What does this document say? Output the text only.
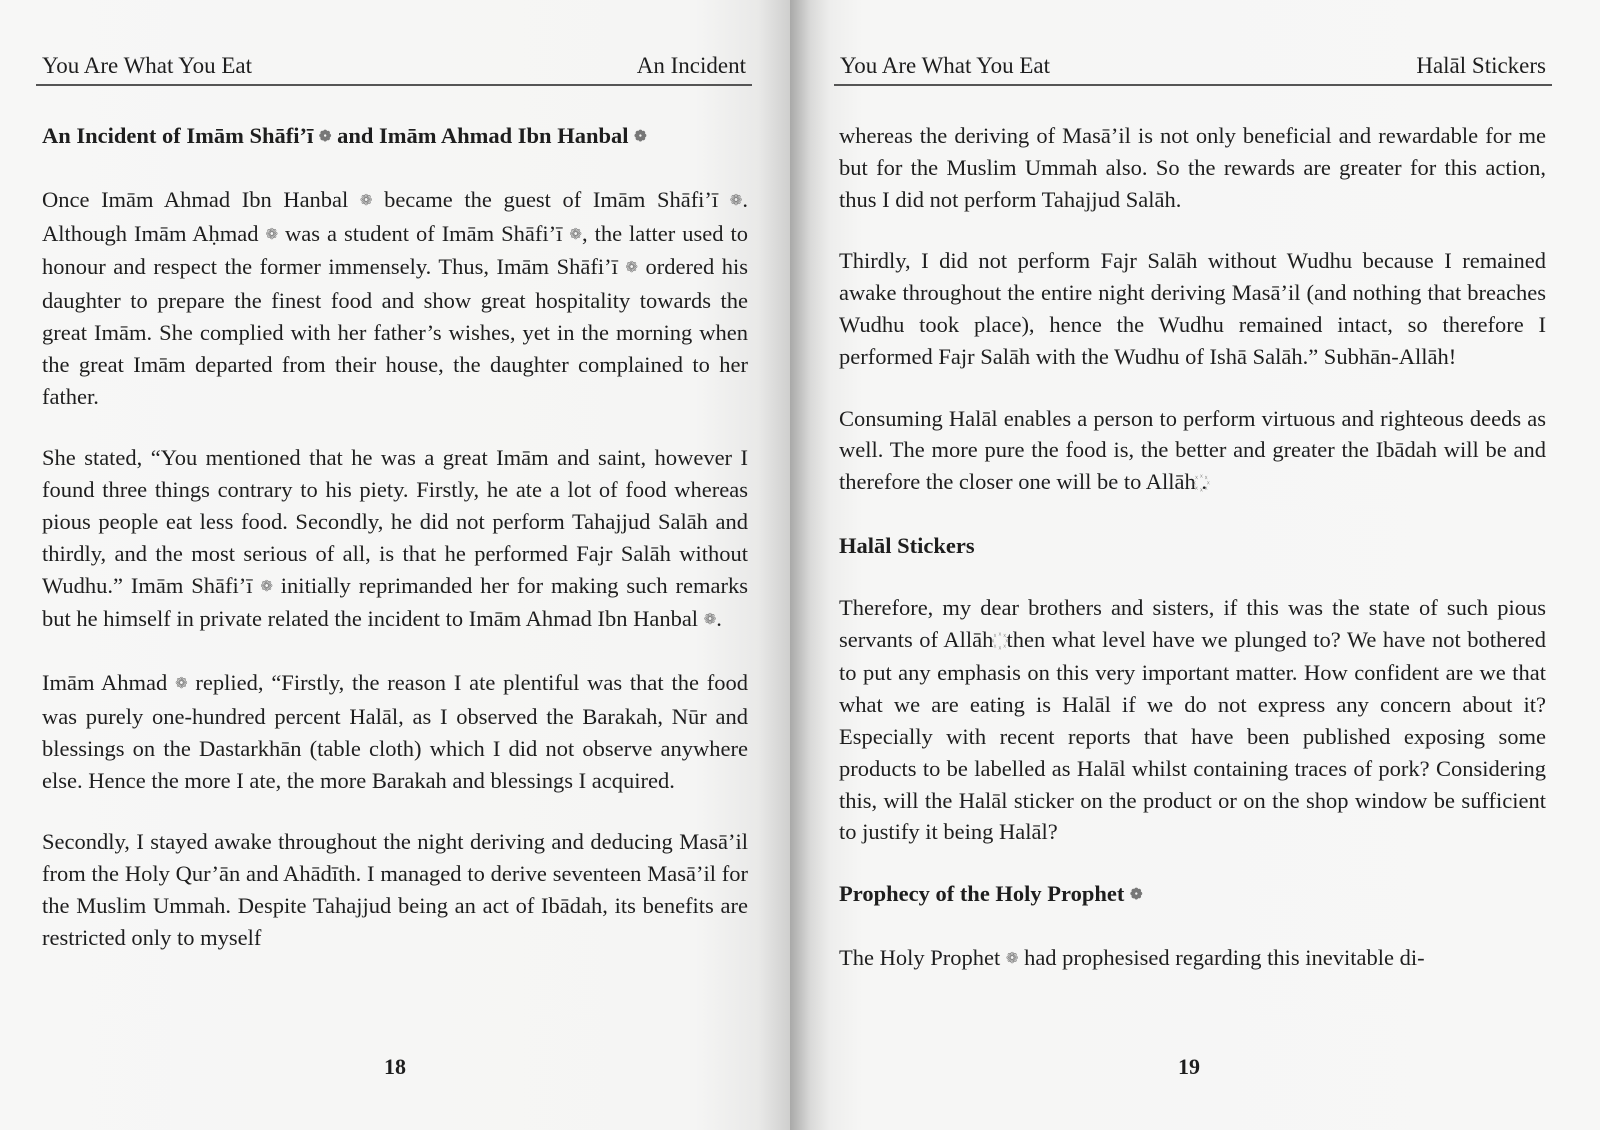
You Are What You Eat	An Incident

An Incident of Imām Shāfi’ī ❁ and Imām Ahmad Ibn Hanbal ❁

Once Imām Ahmad Ibn Hanbal ❁ became the guest of Imām Shāfi’ī ❁. Although Imām Aḥmad ❁ was a student of Imām Shāfi’ī ❁, the latter used to honour and respect the former immensely. Thus, Imām Shāfi’ī ❁ ordered his daughter to prepare the finest food and show great hospitality towards the great Imām. She complied with her father’s wishes, yet in the morning when the great Imām departed from their house, the daughter complained to her father.

She stated, “You mentioned that he was a great Imām and saint, however I found three things contrary to his piety. Firstly, he ate a lot of food whereas pious people eat less food. Secondly, he did not perform Tahajjud Salāh and thirdly, and the most serious of all, is that he performed Fajr Salāh without Wudhu.” Imām Shāfi’ī ❁ initially reprimanded her for making such remarks but he himself in private related the incident to Imām Ahmad Ibn Hanbal ❁.

Imām Ahmad ❁ replied, “Firstly, the reason I ate plentiful was that the food was purely one-hundred percent Halāl, as I observed the Barakah, Nūr and blessings on the Dastarkhān (table cloth) which I did not observe anywhere else. Hence the more I ate, the more Barakah and blessings I acquired.

Secondly, I stayed awake throughout the night deriving and deducing Masā’il from the Holy Qur’ān and Ahādīth. I managed to derive seventeen Masā’il for the Muslim Ummah. Despite Tahajjud being an act of Ibādah, its benefits are restricted only to myself

18
You Are What You Eat	Halāl Stickers

whereas the deriving of Masā’il is not only beneficial and rewardable for me but for the Muslim Ummah also. So the rewards are greater for this action, thus I did not perform Tahajjud Salāh.

Thirdly, I did not perform Fajr Salāh without Wudhu because I remained awake throughout the entire night deriving Masā’il (and nothing that breaches Wudhu took place), hence the Wudhu remained intact, so therefore I performed Fajr Salāh with the Wudhu of Ishā Salāh.” Subhān-Allāh!

Consuming Halāl enables a person to perform virtuous and righteous deeds as well. The more pure the food is, the better and greater the Ibādah will be and therefore the closer one will be to Allāh .

Halāl Stickers

Therefore, my dear brothers and sisters, if this was the state of such pious servants of Allāh  then what level have we plunged to? We have not bothered to put any emphasis on this very important matter. How confident are we that what we are eating is Halāl if we do not express any concern about it? Especially with recent reports that have been published exposing some products to be labelled as Halāl whilst containing traces of pork? Considering this, will the Halāl sticker on the product or on the shop window be sufficient to justify it being Halāl?

Prophecy of the Holy Prophet ❁

The Holy Prophet ❁ had prophesised regarding this inevitable di-

19
